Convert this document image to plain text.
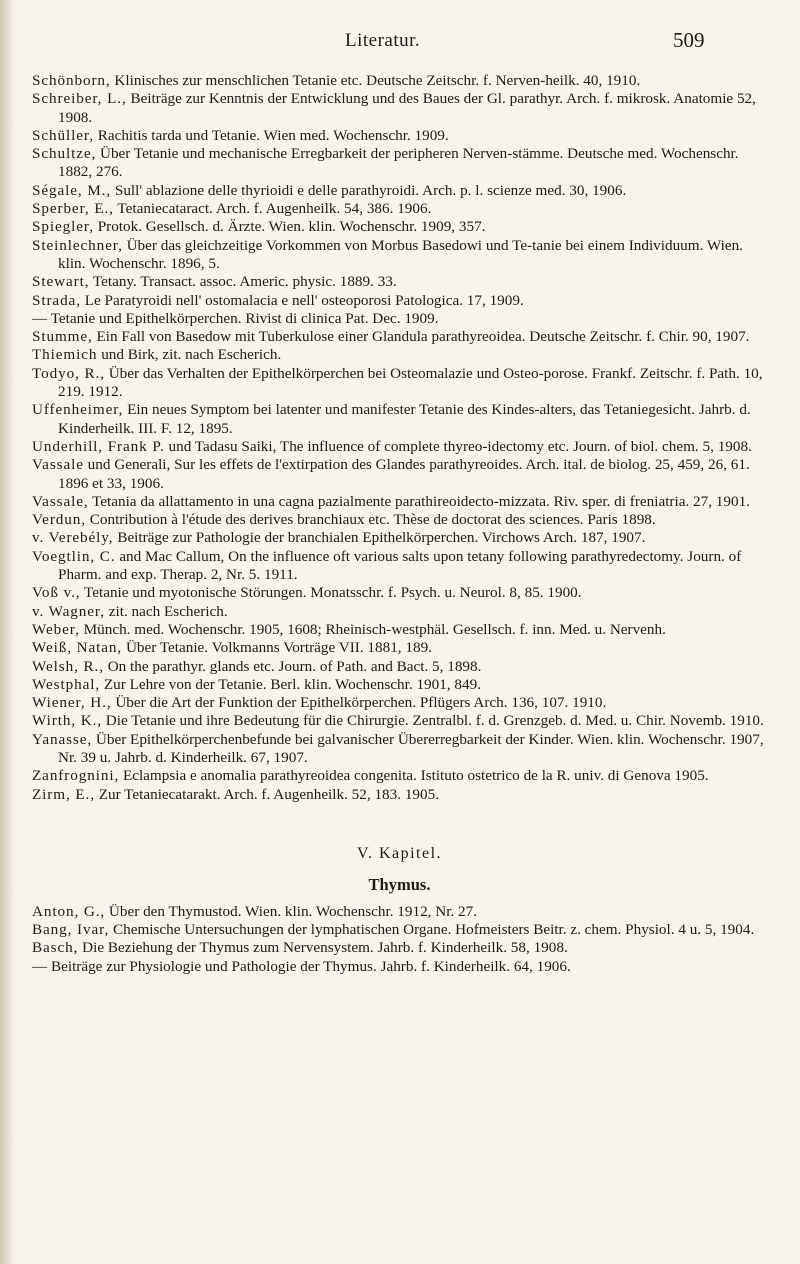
Literatur.	509

Schönborn, Klinisches zur menschlichen Tetanie etc. Deutsche Zeitschr. f. Nerven-heilk. 40, 1910.

Schreiber, L., Beiträge zur Kenntnis der Entwicklung und des Baues der Gl. parathyr. Arch. f. mikrosk. Anatomie 52, 1908.

Schüller, Rachitis tarda und Tetanie. Wien med. Wochenschr. 1909.

Schultze, Über Tetanie und mechanische Erregbarkeit der peripheren Nerven-stämme. Deutsche med. Wochenschr. 1882, 276.

Ségale, M., Sull' ablazione delle thyrioidi e delle parathyroidi. Arch. p. l. scienze med. 30, 1906.

Sperber, E., Tetaniecataract. Arch. f. Augenheilk. 54, 386. 1906.

Spiegler, Protok. Gesellsch. d. Ärzte. Wien. klin. Wochenschr. 1909, 357.

Steinlechner, Über das gleichzeitige Vorkommen von Morbus Basedowi und Te-tanie bei einem Individuum. Wien. klin. Wochenschr. 1896, 5.

Stewart, Tetany. Transact. assoc. Americ. physic. 1889. 33.

Strada, Le Paratyroidi nell' ostomalacia e nell' osteoporosi Patologica. 17, 1909.

— Tetanie und Epithelkörperchen. Rivist di clinica Pat. Dec. 1909.

Stumme, Ein Fall von Basedow mit Tuberkulose einer Glandula parathyreoidea. Deutsche Zeitschr. f. Chir. 90, 1907.

Thiemich und Birk, zit. nach Escherich.

Todyo, R., Über das Verhalten der Epithelkörperchen bei Osteomalazie und Osteo-porose. Frankf. Zeitschr. f. Path. 10, 219. 1912.

Uffenheimer, Ein neues Symptom bei latenter und manifester Tetanie des Kindes-alters, das Tetaniegesicht. Jahrb. d. Kinderheilk. III. F. 12, 1895.

Underhill, Frank P. und Tadasu Saiki, The influence of complete thyreo-idectomy etc. Journ. of biol. chem. 5, 1908.

Vassale und Generali, Sur les effets de l'extirpation des Glandes parathyreoides. Arch. ital. de biolog. 25, 459, 26, 61. 1896 et 33, 1906.

Vassale, Tetania da allattamento in una cagna pazialmente parathireoidecto-mizzata. Riv. sper. di freniatria. 27, 1901.

Verdun, Contribution à l'étude des derives branchiaux etc. Thèse de doctorat des sciences. Paris 1898.

v. Verebély, Beiträge zur Pathologie der branchialen Epithelkörperchen. Virchows Arch. 187, 1907.

Voegtlin, C. and Mac Callum, On the influence oft various salts upon tetany following parathyredectomy. Journ. of Pharm. and exp. Therap. 2, Nr. 5. 1911.

Voß v., Tetanie und myotonische Störungen. Monatsschr. f. Psych. u. Neurol. 8, 85. 1900.

v. Wagner, zit. nach Escherich.

Weber, Münch. med. Wochenschr. 1905, 1608; Rheinisch-westphäl. Gesellsch. f. inn. Med. u. Nervenh.

Weiß, Natan, Über Tetanie. Volkmanns Vorträge VII. 1881, 189.

Welsh, R., On the parathyr. glands etc. Journ. of Path. and Bact. 5, 1898.

Westphal, Zur Lehre von der Tetanie. Berl. klin. Wochenschr. 1901, 849.

Wiener, H., Über die Art der Funktion der Epithelkörperchen. Pflügers Arch. 136, 107. 1910.

Wirth, K., Die Tetanie und ihre Bedeutung für die Chirurgie. Zentralbl. f. d. Grenzgeb. d. Med. u. Chir. Novemb. 1910.

Yanasse, Über Epithelkörperchenbefunde bei galvanischer Übererregbarkeit der Kinder. Wien. klin. Wochenschr. 1907, Nr. 39 u. Jahrb. d. Kinderheilk. 67, 1907.

Zanfrognini, Eclampsia e anomalia parathyreoidea congenita. Istituto ostetrico de la R. univ. di Genova 1905.

Zirm, E., Zur Tetaniecatarakt. Arch. f. Augenheilk. 52, 183. 1905.

V. Kapitel.
Thymus.

Anton, G., Über den Thymustod. Wien. klin. Wochenschr. 1912, Nr. 27.

Bang, Ivar, Chemische Untersuchungen der lymphatischen Organe. Hofmeisters Beitr. z. chem. Physiol. 4 u. 5, 1904.

Basch, Die Beziehung der Thymus zum Nervensystem. Jahrb. f. Kinderheilk. 58, 1908.

— Beiträge zur Physiologie und Pathologie der Thymus. Jahrb. f. Kinderheilk. 64, 1906.
